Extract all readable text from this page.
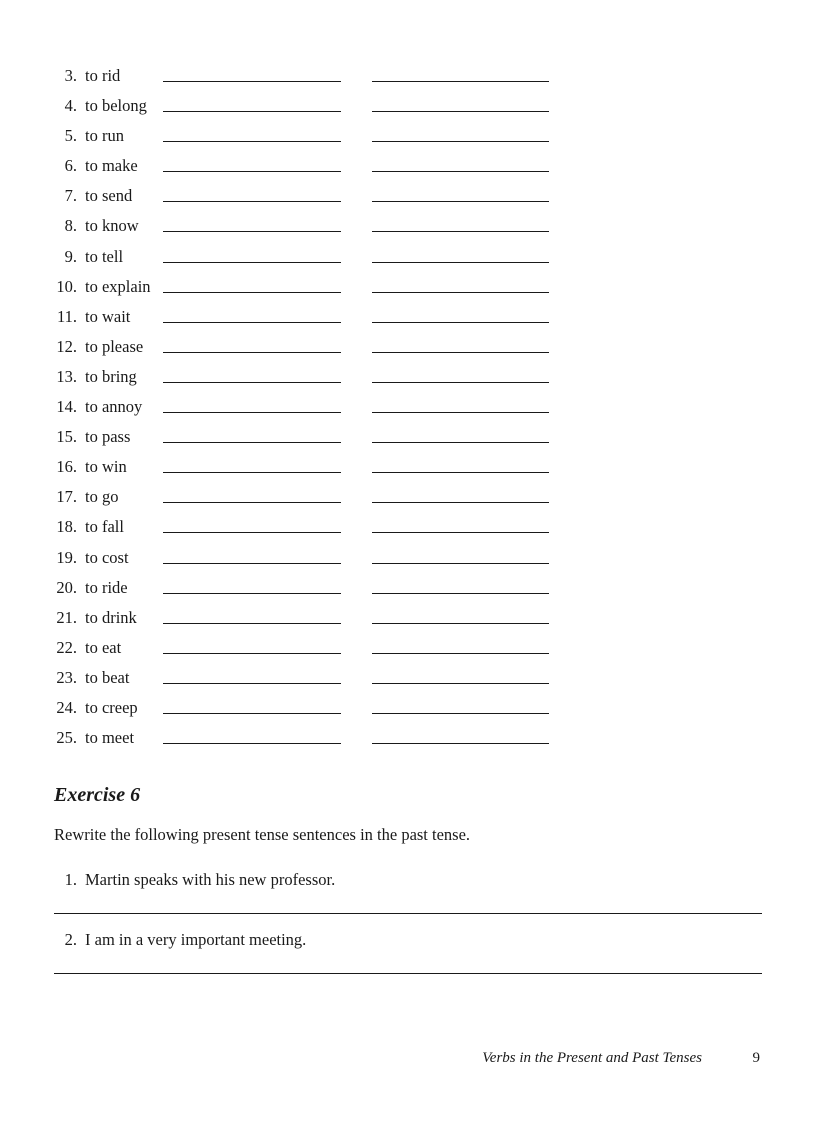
3. to rid
4. to belong
5. to run
6. to make
7. to send
8. to know
9. to tell
10. to explain
11. to wait
12. to please
13. to bring
14. to annoy
15. to pass
16. to win
17. to go
18. to fall
19. to cost
20. to ride
21. to drink
22. to eat
23. to beat
24. to creep
25. to meet
Exercise 6

Rewrite the following present tense sentences in the past tense.

1. Martin speaks with his new professor.
2. I am in a very important meeting.
Verbs in the Present and Past Tenses	9
